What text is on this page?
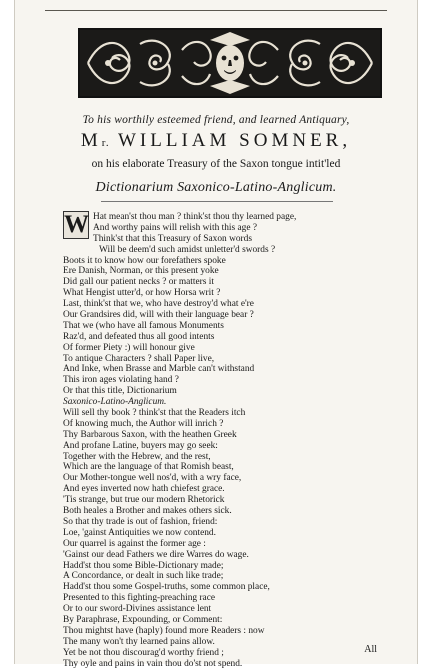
To his worthily esteemed friend, and learned Antiquary,
Mr. WILLIAM SOMNER,
on his elaborate Treasury of the Saxon tongue intit'led
Dictionarium Saxonico-Latino-Anglicum.
W Hat mean'st thou man ? think'st thou thy learned page,
And worthy pains will relish with this age ?
Think'st that this Treasury of Saxon words
Will be deem'd such amidst unletter'd swords ?
Boots it to know how our forefathers spoke
Ere Danish, Norman, or this present yoke
Did gall our patient necks ? or matters it
What Hengist utter'd, or how Horsa writ ?
Last, think'st that we, who have destroy'd what e're
Our Grandsires did, will with their language bear ?
That we (who have all famous Monuments
Raz'd, and defeated thus all good intents
Of former Piety :) will honour give
To antique Characters ? shall Paper live,
And Inke, when Brasse and Marble can't withstand
This iron ages violating hand ?
Or that this title, Dictionarium
Saxonico-Latino-Anglicum.
Will sell thy book ? think'st that the Readers itch
Of knowing much, the Author will inrich ?
Thy Barbarous Saxon, with the heathen Greek
And profane Latine, buyers may go seek:
Together with the Hebrew, and the rest,
Which are the language of that Romish beast,
Our Mother-tongue well nos'd, with a wry face,
And eyes inverted now hath chiefest grace.
'Tis strange, but true our modern Rhetorick
Both heales a Brother and makes others sick.
So that thy trade is out of fashion, friend:
Loe, 'gainst Antiquities we now contend.
Our quarrel is against the former age :
'Gainst our dead Fathers we dire Warres do wage.
Hadd'st thou some Bible-Dictionary made;
A Concordance, or dealt in such like trade;
Hadd'st thou some Gospel-truths, some common place,
Presented to this fighting-preaching race
Or to our sword-Divines assistance lent
By Paraphrase, Expounding, or Comment:
Thou mightst have (haply) found more Readers : now
The many won't thy learned pains allow.
Yet be not thou discourag'd worthy friend ;
Thy oyle and pains in vain thou do'st not spend.
All
